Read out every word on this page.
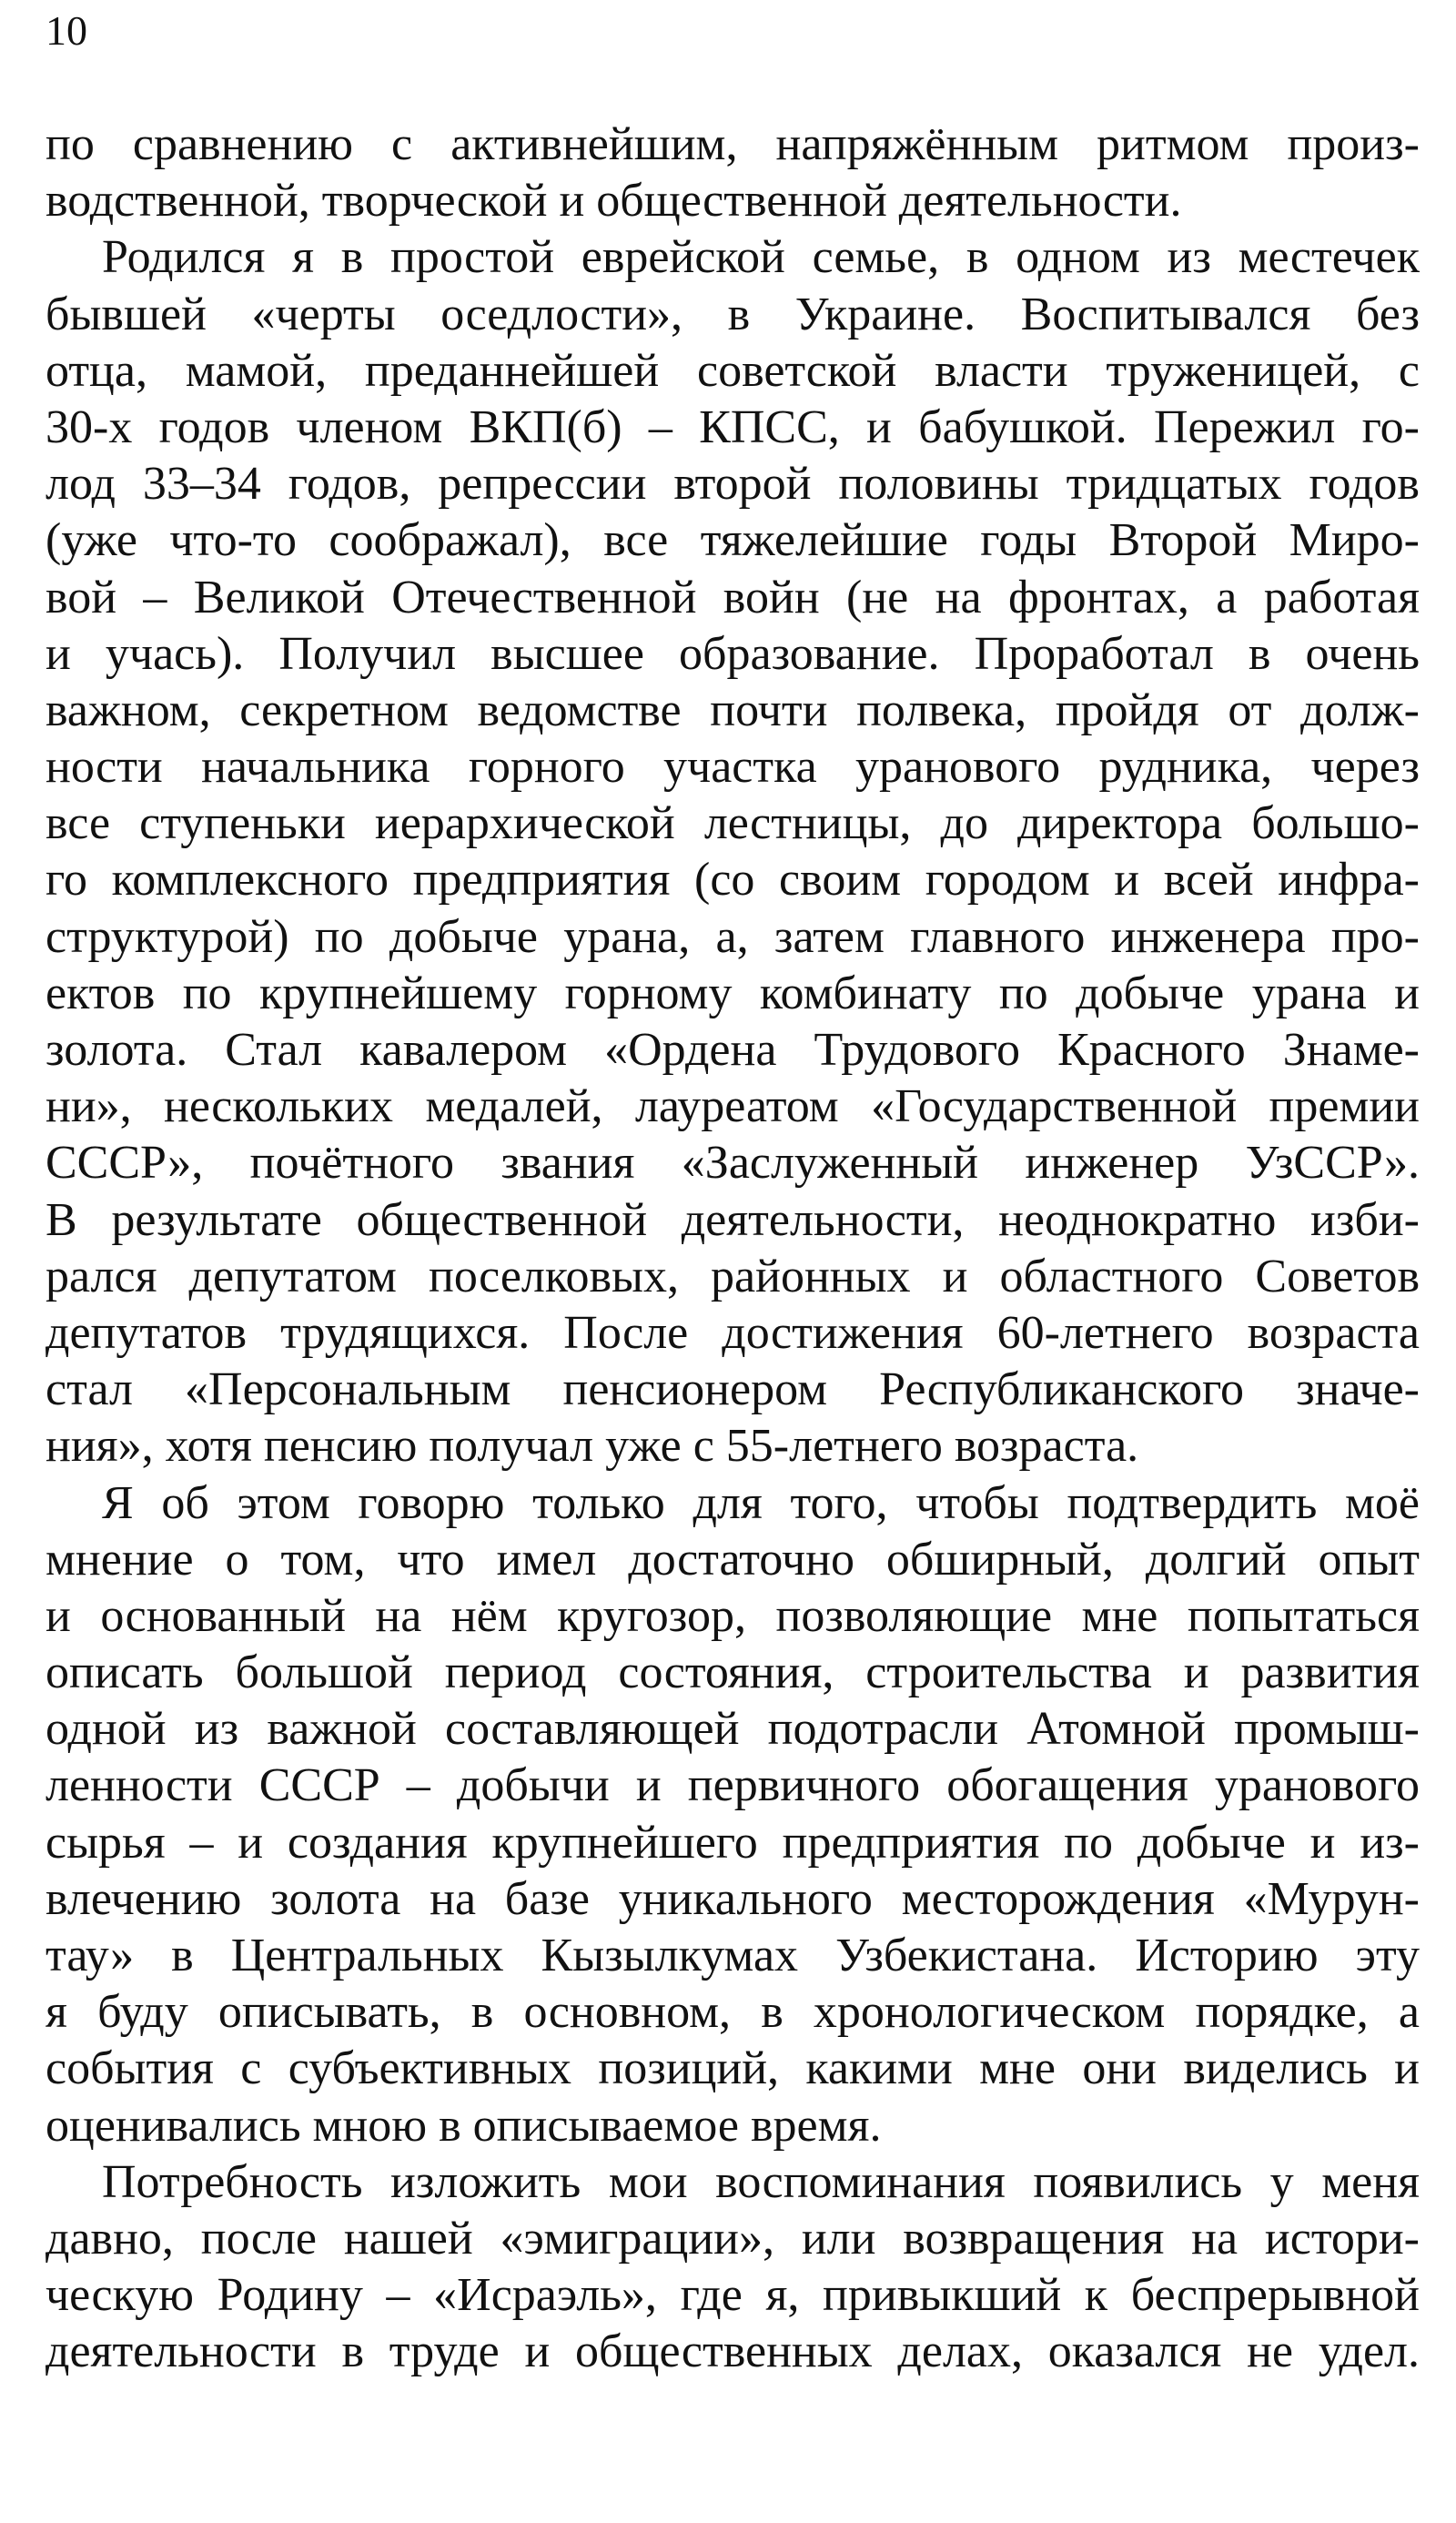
10
по сравнению с активнейшим, напряжённым ритмом произ-
водственной, творческой и общественной деятельности.
Родился я в простой еврейской семье, в одном из местечек
бывшей «черты оседлости», в Украине. Воспитывался без
отца, мамой, преданнейшей советской власти труженицей, с
30-х годов членом ВКП(б) – КПСС, и бабушкой. Пережил го-
лод 33–34 годов, репрессии второй половины тридцатых годов
(уже что-то соображал), все тяжелейшие годы Второй Миро-
вой – Великой Отечественной войн (не на фронтах, а работая
и учась). Получил высшее образование. Проработал в очень
важном, секретном ведомстве почти полвека, пройдя от долж-
ности начальника горного участка уранового рудника, через
все ступеньки иерархической лестницы, до директора большо-
го комплексного предприятия (со своим городом и всей инфра-
структурой) по добыче урана, а, затем главного инженера про-
ектов по крупнейшему горному комбинату по добыче урана и
золота. Стал кавалером «Ордена Трудового Красного Знаме-
ни», нескольких медалей, лауреатом «Государственной премии
СССР», почётного звания «Заслуженный инженер УзССР».
В результате общественной деятельности, неоднократно изби-
рался депутатом поселковых, районных и областного Советов
депутатов трудящихся. После достижения 60-летнего возраста
стал «Персональным пенсионером Республиканского значе-
ния», хотя пенсию получал уже с 55-летнего возраста.
Я об этом говорю только для того, чтобы подтвердить моё
мнение о том, что имел достаточно обширный, долгий опыт
и основанный на нём кругозор, позволяющие мне попытаться
описать большой период состояния, строительства и развития
одной из важной составляющей подотрасли Атомной промыш-
ленности СССР – добычи и первичного обогащения уранового
сырья – и создания крупнейшего предприятия по добыче и из-
влечению золота на базе уникального месторождения «Мурун-
тау» в Центральных Кызылкумах Узбекистана. Историю эту
я буду описывать, в основном, в хронологическом порядке, а
события с субъективных позиций, какими мне они виделись и
оценивались мною в описываемое время.
Потребность изложить мои воспоминания появились у меня
давно, после нашей «эмиграции», или возвращения на истори-
ческую Родину – «Исраэль», где я, привыкший к беспрерывной
деятельности в труде и общественных делах, оказался не удел.
